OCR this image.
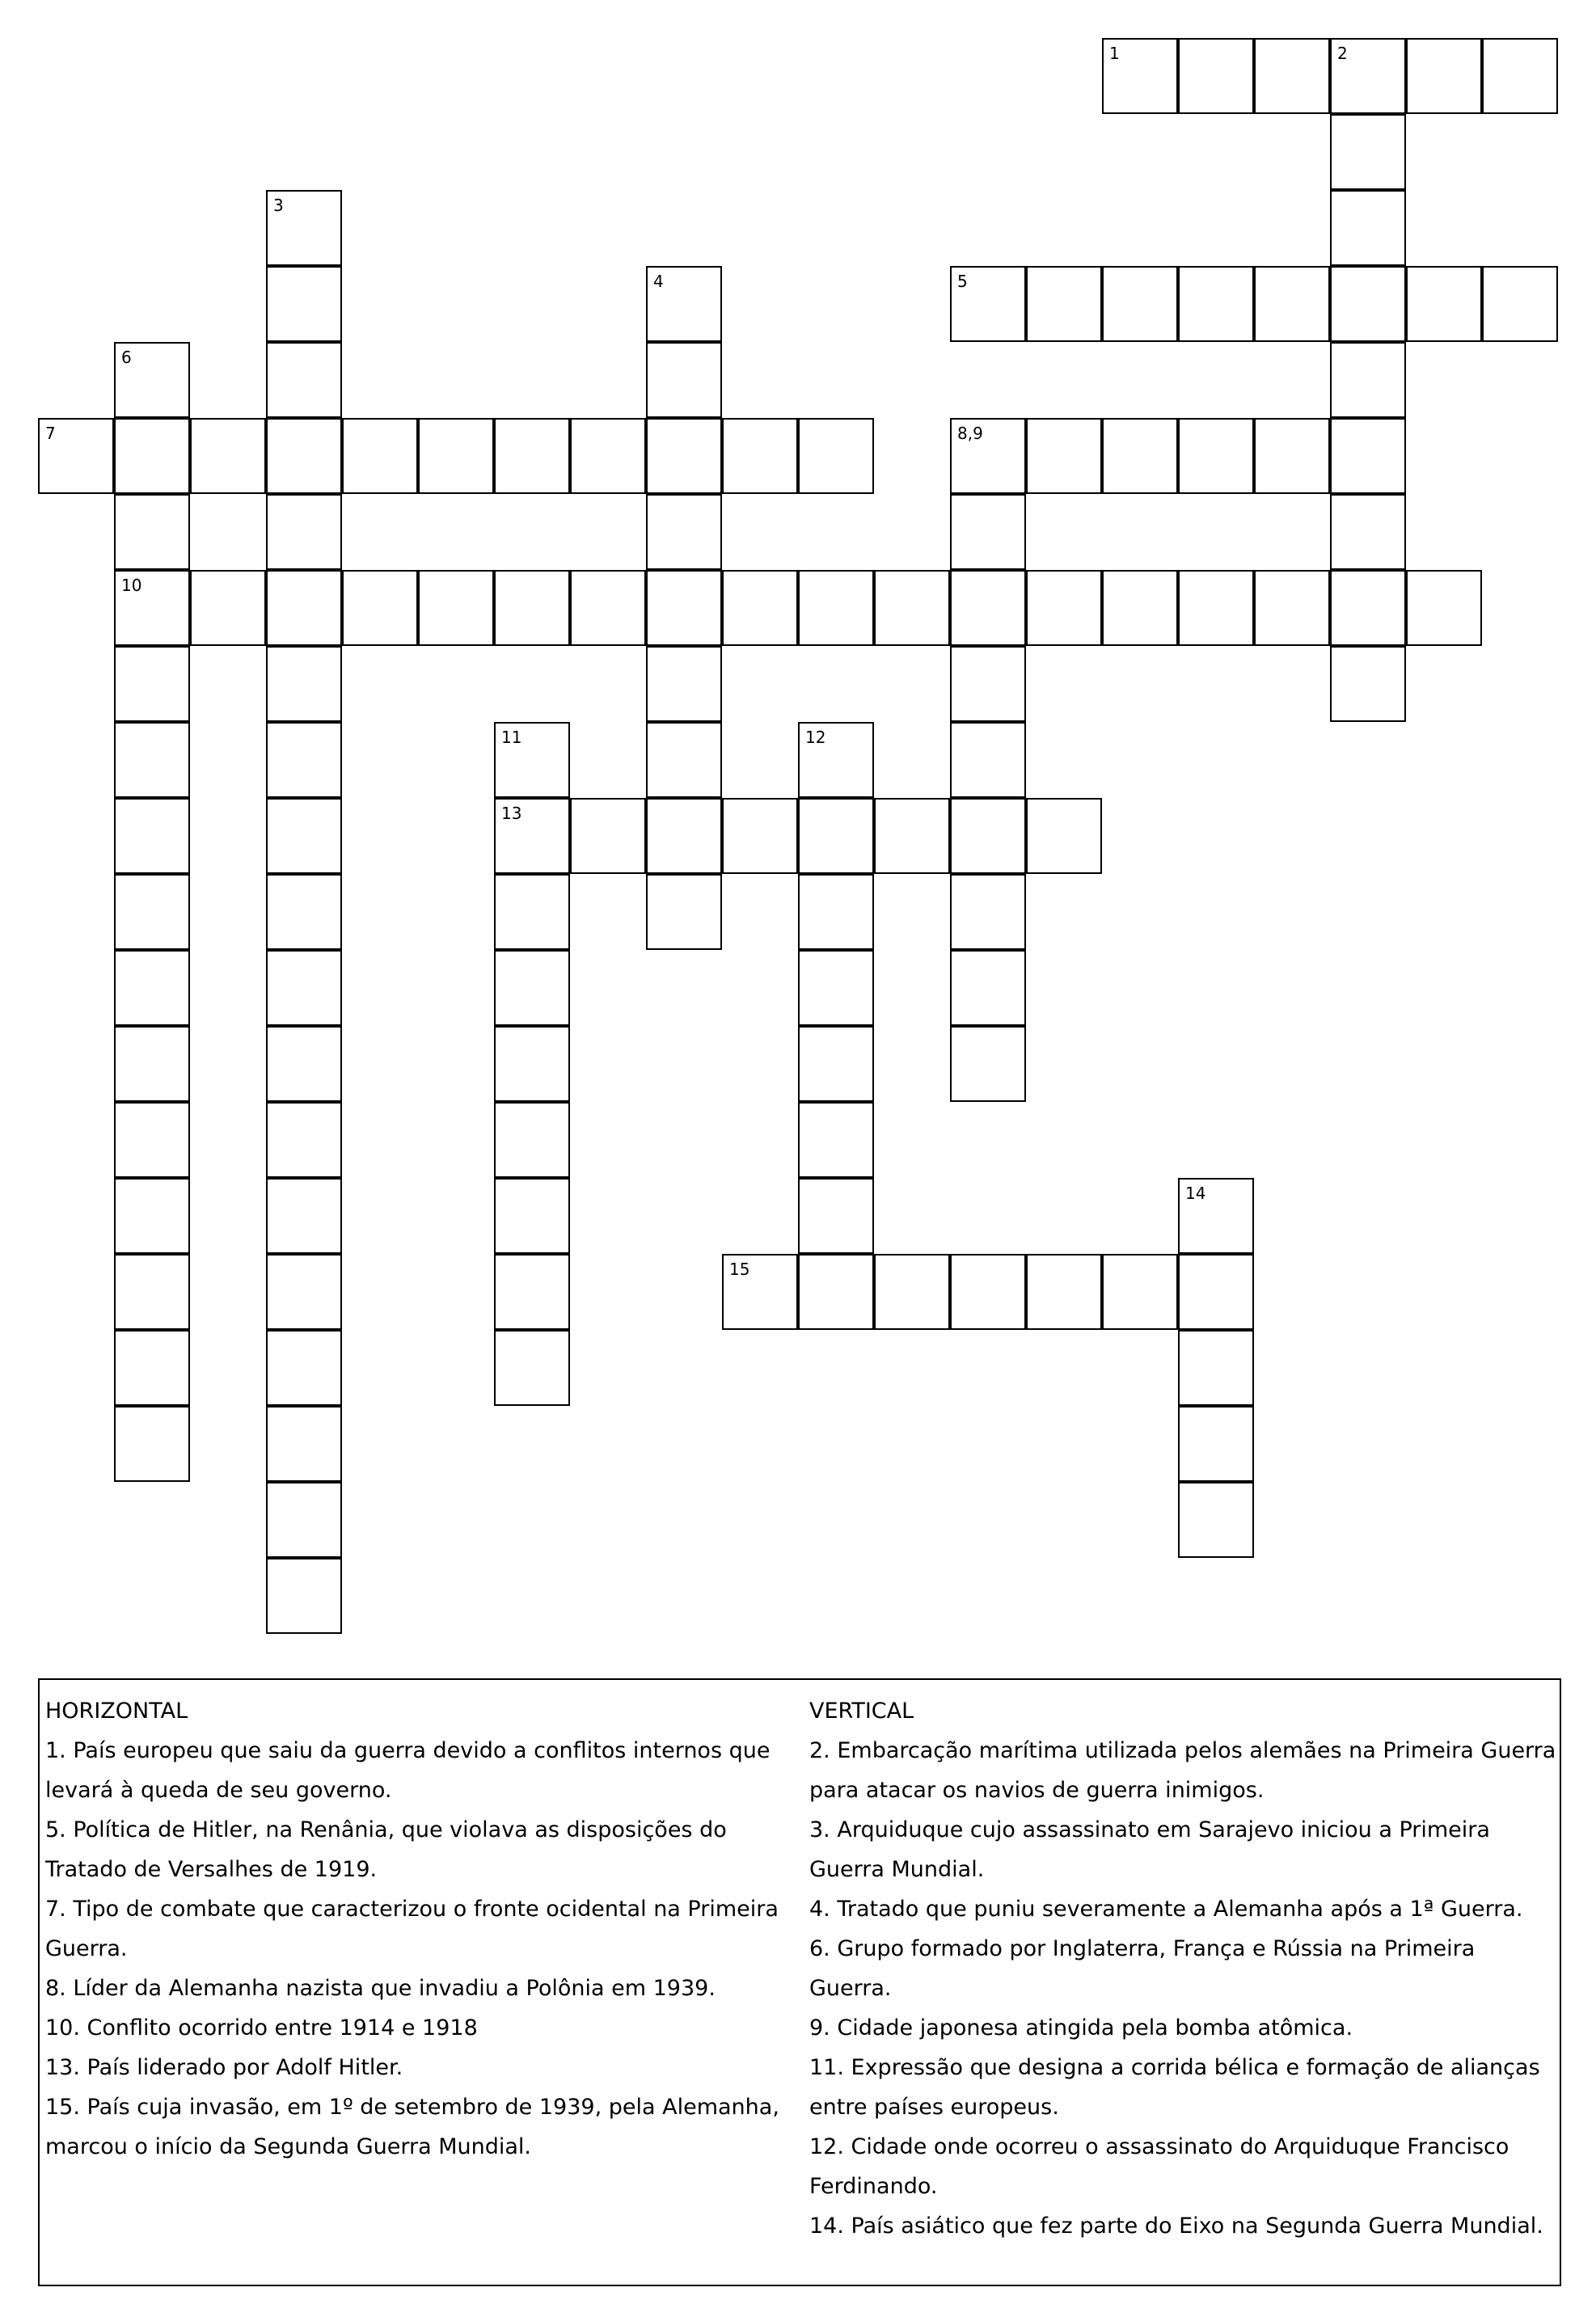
1	2
3
4	5
6
7	8,9
10
11	12
13
14
15

HORIZONTAL

1. País europeu que saiu da guerra devido a conflitos internos que

levará à queda de seu governo.

5. Política de Hitler, na Renânia, que violava as disposições do

Tratado de Versalhes de 1919.

7. Tipo de combate que caracterizou o fronte ocidental na Primeira

Guerra.

8. Líder da Alemanha nazista que invadiu a Polônia em 1939.

10. Conflito ocorrido entre 1914 e 1918

13. País liderado por Adolf Hitler.

15. País cuja invasão, em 1º de setembro de 1939, pela Alemanha,

marcou o início da Segunda Guerra Mundial.

VERTICAL

2. Embarcação marítima utilizada pelos alemães na Primeira Guerra

para atacar os navios de guerra inimigos.

3. Arquiduque cujo assassinato em Sarajevo iniciou a Primeira

Guerra Mundial.

4. Tratado que puniu severamente a Alemanha após a 1ª Guerra.

6. Grupo formado por Inglaterra, França e Rússia na Primeira

Guerra.

9. Cidade japonesa atingida pela bomba atômica.

11. Expressão que designa a corrida bélica e formação de alianças

entre países europeus.

12. Cidade onde ocorreu o assassinato do Arquiduque Francisco

Ferdinando.

14. País asiático que fez parte do Eixo na Segunda Guerra Mundial.
